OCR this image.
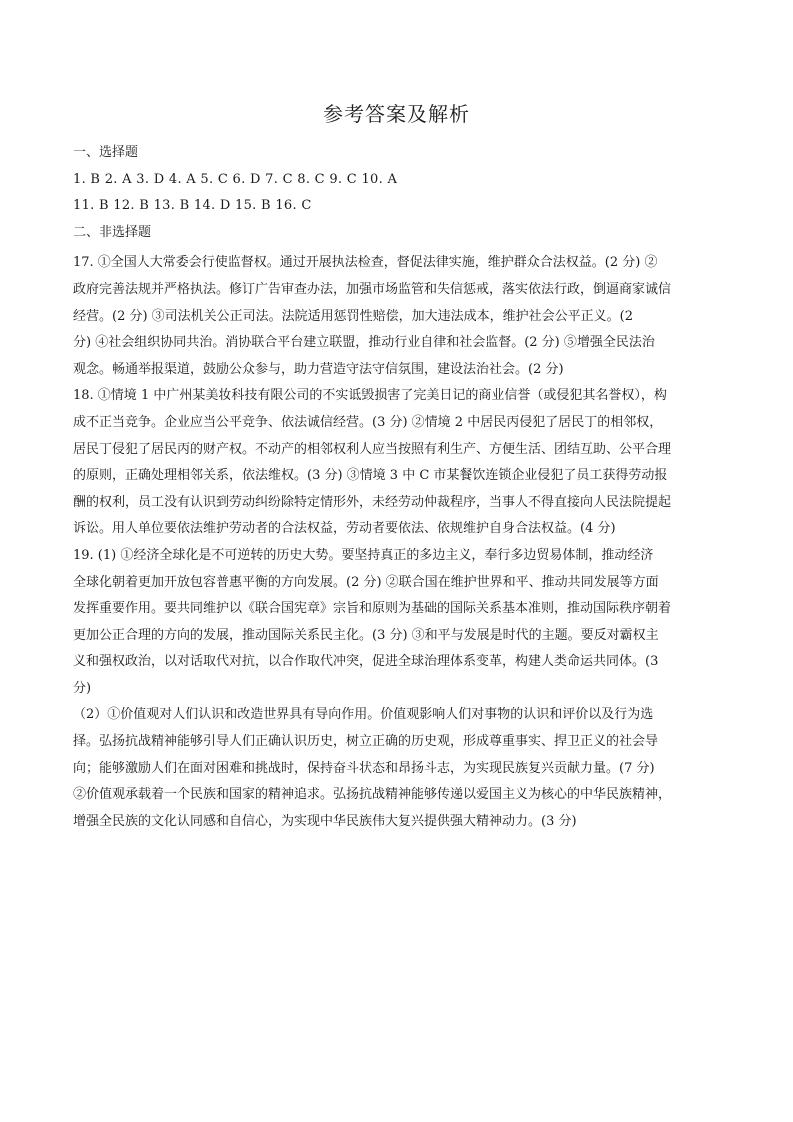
参考答案及解析

一、选择题

1. B 2. A 3. D 4. A 5. C 6. D 7. C 8. C 9. C 10. A

11. B 12. B 13. B 14. D 15. B 16. C

二、非选择题

17. ①全国人大常委会行使监督权。通过开展执法检查，督促法律实施，维护群众合法权益。(2 分) ②
政府完善法规并严格执法。修订广告审查办法，加强市场监管和失信惩戒，落实依法行政，倒逼商家诚信
经营。(2 分) ③司法机关公正司法。法院适用惩罚性赔偿，加大违法成本，维护社会公平正义。(2
分) ④社会组织协同共治。消协联合平台建立联盟，推动行业自律和社会监督。(2 分) ⑤增强全民法治
观念。畅通举报渠道，鼓励公众参与，助力营造守法守信氛围，建设法治社会。(2 分)
18. ①情境 1 中广州某美妆科技有限公司的不实诋毁损害了完美日记的商业信誉（或侵犯其名誉权），构
成不正当竞争。企业应当公平竞争、依法诚信经营。(3 分) ②情境 2 中居民丙侵犯了居民丁的相邻权，
居民丁侵犯了居民丙的财产权。不动产的相邻权利人应当按照有利生产、方便生活、团结互助、公平合理
的原则，正确处理相邻关系，依法维权。(3 分) ③情境 3 中 C 市某餐饮连锁企业侵犯了员工获得劳动报
酬的权利，员工没有认识到劳动纠纷除特定情形外，未经劳动仲裁程序，当事人不得直接向人民法院提起
诉讼。用人单位要依法维护劳动者的合法权益，劳动者要依法、依规维护自身合法权益。(4 分)
19. (1) ①经济全球化是不可逆转的历史大势。要坚持真正的多边主义，奉行多边贸易体制，推动经济
全球化朝着更加开放包容普惠平衡的方向发展。(2 分) ②联合国在维护世界和平、推动共同发展等方面
发挥重要作用。要共同维护以《联合国宪章》宗旨和原则为基础的国际关系基本准则，推动国际秩序朝着
更加公正合理的方向的发展，推动国际关系民主化。(3 分) ③和平与发展是时代的主题。要反对霸权主
义和强权政治，以对话取代对抗，以合作取代冲突，促进全球治理体系变革，构建人类命运共同体。(3
分)
（2）①价值观对人们认识和改造世界具有导向作用。价值观影响人们对事物的认识和评价以及行为选
择。弘扬抗战精神能够引导人们正确认识历史，树立正确的历史观，形成尊重事实、捍卫正义的社会导
向；能够激励人们在面对困难和挑战时，保持奋斗状态和昂扬斗志，为实现民族复兴贡献力量。(7 分)
②价值观承载着一个民族和国家的精神追求。弘扬抗战精神能够传递以爱国主义为核心的中华民族精神，
增强全民族的文化认同感和自信心，为实现中华民族伟大复兴提供强大精神动力。(3 分)
